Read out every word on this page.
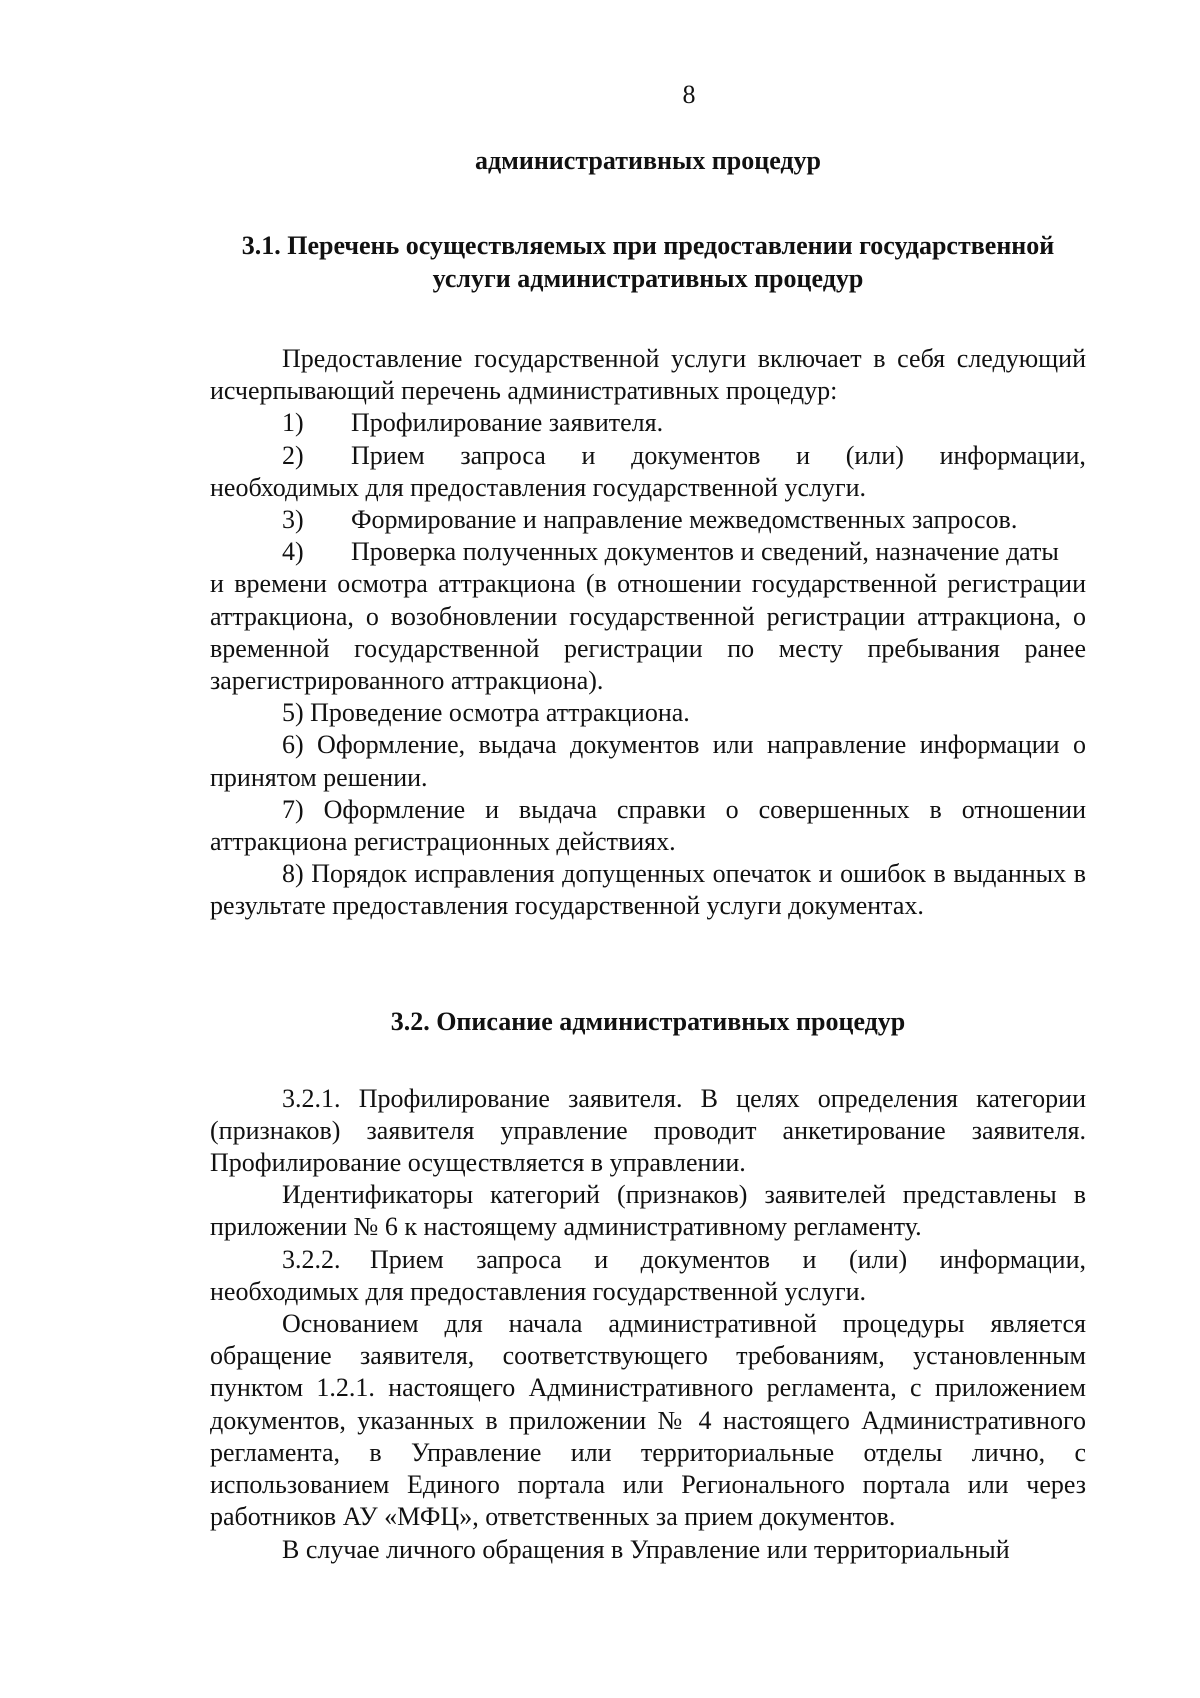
8
административных процедур
3.1. Перечень осуществляемых при предоставлении государственной
услуги административных процедур

Предоставление государственной услуги включает в себя следующий исчерпывающий перечень административных процедур:

1)	Профилирование заявителя.
2)	Прием запроса и документов и (или) информации,

необходимых для предоставления государственной услуги.

3)	Формирование и направление межведомственных запросов.
4)	Проверка полученных документов и сведений, назначение даты

и времени осмотра аттракциона (в отношении государственной регистрации аттракциона, о возобновлении государственной регистрации аттракциона, о временной государственной регистрации по месту пребывания ранее зарегистрированного аттракциона).

5) Проведение осмотра аттракциона.

6) Оформление, выдача документов или направление информации о принятом решении.

7) Оформление и выдача справки о совершенных в отношении аттракциона регистрационных действиях.

8) Порядок исправления допущенных опечаток и ошибок в выданных в результате предоставления государственной услуги документах.

3.2. Описание административных процедур

3.2.1. Профилирование заявителя. В целях определения категории (признаков) заявителя управление проводит анкетирование заявителя. Профилирование осуществляется в управлении.

Идентификаторы категорий (признаков) заявителей представлены в приложении № 6 к настоящему административному регламенту.

3.2.2.	Прием запроса и документов и (или) информации,

необходимых для предоставления государственной услуги.

Основанием для начала административной процедуры является обращение заявителя, соответствующего требованиям, установленным пунктом 1.2.1. настоящего Административного регламента, с приложением документов, указанных в приложении № 4 настоящего Административного регламента, в Управление или территориальные отделы лично, с использованием Единого портала или Регионального портала или через работников АУ «МФЦ», ответственных за прием документов.

В случае личного обращения в Управление или территориальный
